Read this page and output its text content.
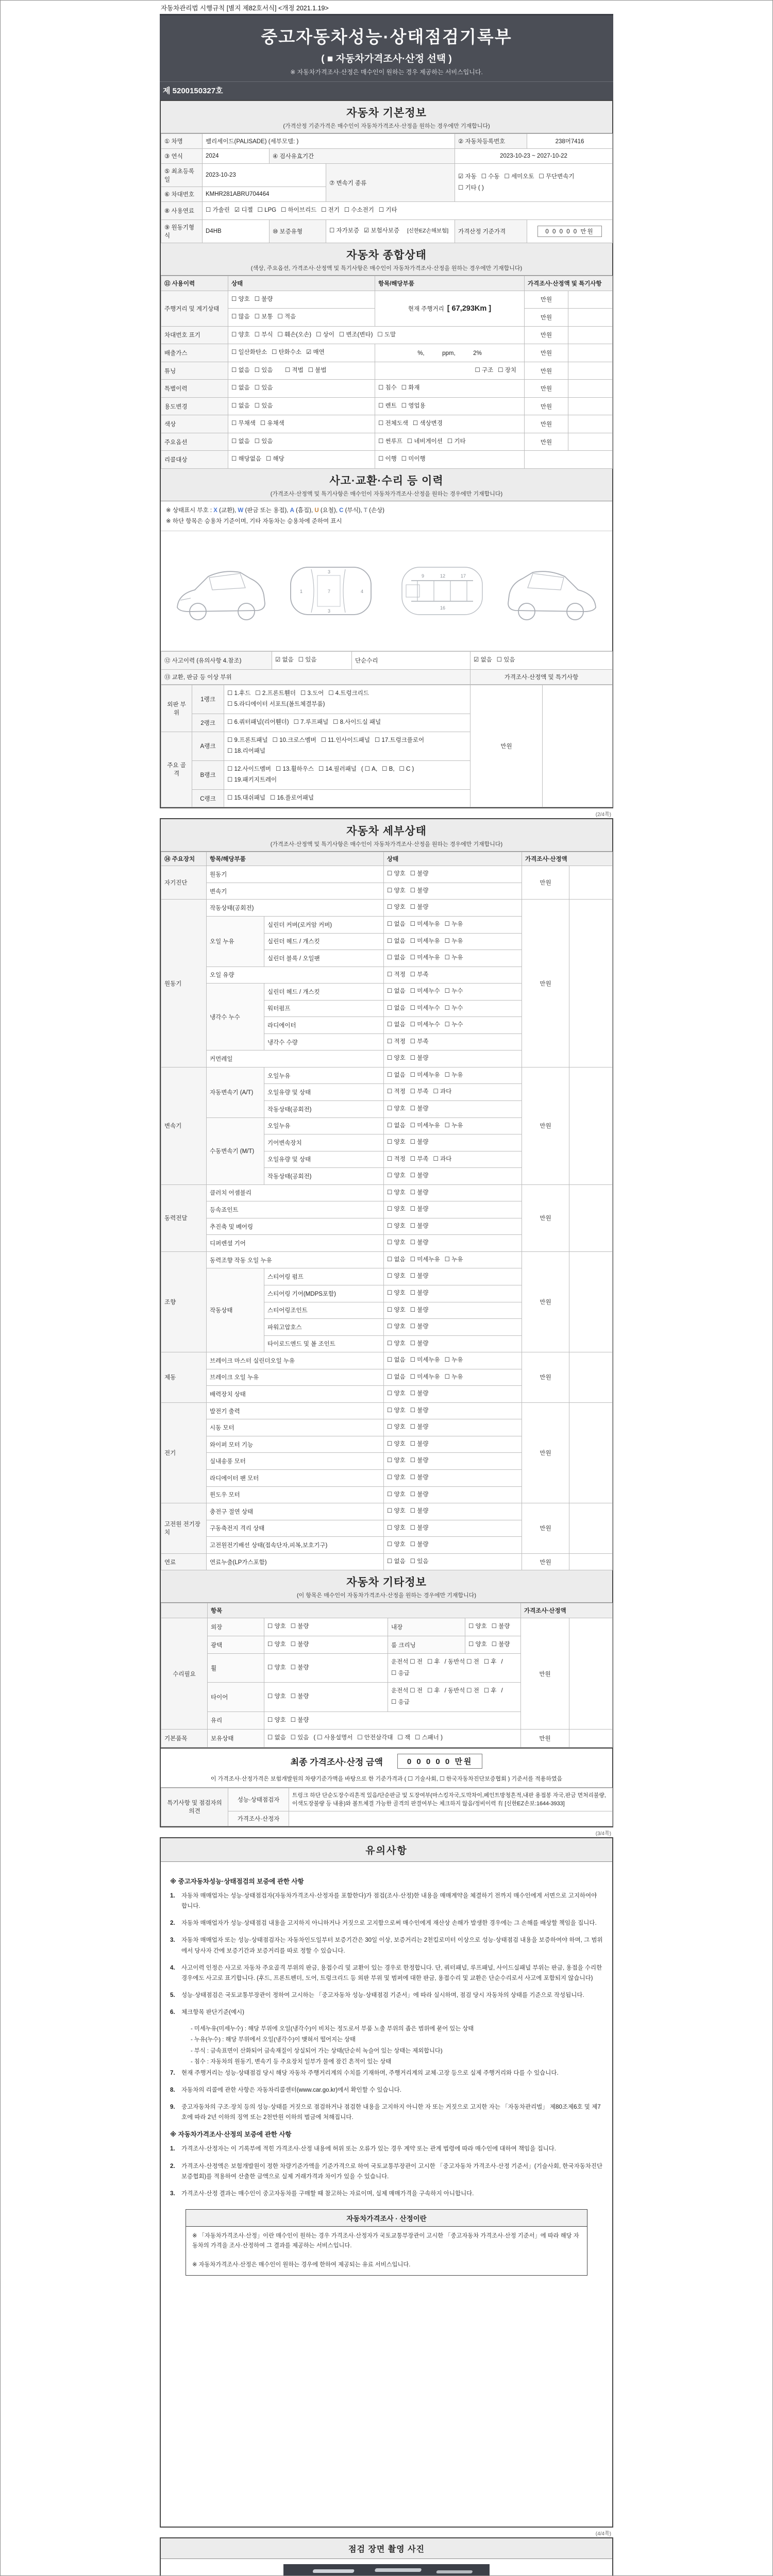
자동차관리법 시행규칙 [별지 제82호서식] <개정 2021.1.19>
중고자동차성능·상태점검기록부
( ■ 자동차가격조사·산정 선택 )
※ 자동차가격조사·산정은 매수인이 원하는 경우 제공하는 서비스입니다.
제 5200150327호
자동차 기본정보
(가격산정 기준가격은 매수인이 자동차가격조사·산정을 원하는 경우에만 기재합니다)
① 차명	팰리세이드(PALISADE) (세부모델: )			② 자동차등록번호	238머7416
③ 연식	2024	④ 검사유효기간		2023-10-23 ~ 2027-10-22	
⑤ 최초등록일	2023-10-23		⑦ 변속기 종류	☑ 자동 ☐ 수동 ☐ 세미오토 ☐ 무단변속기☐ 기타 ( )	
⑥ 차대번호	KMHR281ABRU704464				
⑧ 사용연료	☐ 가솔린 ☑ 디젤 ☐ LPG ☐ 하이브리드 ☐ 전기 ☐ 수소전기 ☐ 기타				
⑨ 원동기형식	D4HB	⑩ 보증유형	☐ 자가보증 ☑ 보험사보증 [신한EZ손해보험]	가격산정 기준가격	0 0 0 0 0 만원
자동차 종합상태
(색상, 주요옵션, 가격조사·산정액 및 특기사항은 매수인이 자동차가격조사·산정을 원하는 경우에만 기재합니다)
⑪ 사용이력	상태	항목/해당부품	가격조사·산정액 및 특기사항	
주행거리 및 계기상태	☐ 양호 ☐ 불량	현재 주행거리 [ 67,293Km ]	만원	
	☐ 많음 ☐ 보통 ☐ 적음		만원	
차대번호 표기	☐ 양호 ☐ 부식 ☐ 훼손(오손) ☐ 상이 ☐ 변조(변타) ☐ 도말		만원	
배출가스	☐ 일산화탄소 ☐ 탄화수소 ☑ 매연	%,　　　ppm,　　　2%	만원	
튜닝	☐ 없음 ☐ 있음　 ☐ 적법 ☐ 불법	☐ 구조 ☐ 장치	만원	
특별이력	☐ 없음 ☐ 있음	☐ 침수 ☐ 화재	만원	
용도변경	☐ 없음 ☐ 있음	☐ 렌트 ☐ 영업용	만원	
색상	☐ 무채색 ☐ 유채색	☐ 전체도색 ☐ 색상변경	만원	
주요옵션	☐ 없음 ☐ 있음	☐ 썬루프 ☐ 네비게이션 ☐ 기타	만원	
리콜대상	☐ 해당없음 ☐ 해당	☐ 이행 ☐ 미이행		
사고·교환·수리 등 이력
(가격조사·산정액 및 특기사항은 매수인이 자동차가격조사·산정을 원하는 경우에만 기재합니다)
※ 상태표시 부호 : X (교환), W (판금 또는 용접), A (흠집), U (요철), C (부식), T (손상)
※ 하단 항목은 승용차 기준이며, 기타 자동차는 승용차에 준하여 표시
1	7	4
3
3
9	12	17
16
⑫ 사고이력 (유의사항 4.참조)	☑ 없음 ☐ 있음	단순수리	☑ 없음 ☐ 있음
⑬ 교환, 판금 등 이상 부위			가격조사·산정액 및 특기사항
외판 부위	1랭크	☐ 1.후드 ☐ 2.프론트휀더 ☐ 3.도어 ☐ 4.트렁크리드☐ 5.라디에이터 서포트(볼트체결부품)	만원	
	2랭크	☐ 6.쿼터패널(리어휀더) ☐ 7.루프패널 ☐ 8.사이드실 패널		
주요 골격	A랭크	☐ 9.프론트패널 ☐ 10.크로스멤버 ☐ 11.인사이드패널 ☐ 17.트렁크플로어☐ 18.리어패널		
	B랭크	☐ 12.사이드멤버 ☐ 13.휠하우스 ☐ 14.필러패널 ( ☐ A, ☐ B, ☐ C )☐ 19.패키지트레이		
	C랭크	☐ 15.대쉬패널 ☐ 16.플로어패널		
(2/4쪽)
자동차 세부상태
(가격조사·산정액 및 특기사항은 매수인이 자동차가격조사·산정을 원하는 경우에만 기재합니다)
⑭ 주요장치	항목/해당부품		상태	가격조사·산정액	
자기진단	원동기		☐ 양호 ☐ 불량	만원	
	변속기		☐ 양호 ☐ 불량		
원동기	작동상태(공회전)		☐ 양호 ☐ 불량	만원	
	오일 누유	실린더 커버(로커암 커버)	☐ 없음 ☐ 미세누유 ☐ 누유		
		실린더 헤드 / 개스킷	☐ 없음 ☐ 미세누유 ☐ 누유		
		실린더 블록 / 오일팬	☐ 없음 ☐ 미세누유 ☐ 누유		
	오일 유량		☐ 적정 ☐ 부족		
	냉각수 누수	실린더 헤드 / 개스킷	☐ 없음 ☐ 미세누수 ☐ 누수		
		워터펌프	☐ 없음 ☐ 미세누수 ☐ 누수		
		라디에이터	☐ 없음 ☐ 미세누수 ☐ 누수		
		냉각수 수량	☐ 적정 ☐ 부족		
	커먼레일		☐ 양호 ☐ 불량		
변속기	자동변속기 (A/T)	오일누유	☐ 없음 ☐ 미세누유 ☐ 누유	만원	
		오일유량 및 상태	☐ 적정 ☐ 부족 ☐ 과다		
		작동상태(공회전)	☐ 양호 ☐ 불량		
	수동변속기 (M/T)	오일누유	☐ 없음 ☐ 미세누유 ☐ 누유		
		기어변속장치	☐ 양호 ☐ 불량		
		오일유량 및 상태	☐ 적정 ☐ 부족 ☐ 과다		
		작동상태(공회전)	☐ 양호 ☐ 불량		
동력전달	클러치 어셈블리		☐ 양호 ☐ 불량	만원	
	등속죠인트		☐ 양호 ☐ 불량		
	추진축 및 베어링		☐ 양호 ☐ 불량		
	디퍼렌셜 기어		☐ 양호 ☐ 불량		
조향	동력조향 작동 오일 누유		☐ 없음 ☐ 미세누유 ☐ 누유	만원	
	작동상태	스티어링 펌프	☐ 양호 ☐ 불량		
		스티어링 기어(MDPS포함)	☐ 양호 ☐ 불량		
		스티어링조인트	☐ 양호 ☐ 불량		
		파워고압호스	☐ 양호 ☐ 불량		
		타이로드엔드 및 볼 조인트	☐ 양호 ☐ 불량		
제동	브레이크 마스터 실린더오일 누유		☐ 없음 ☐ 미세누유 ☐ 누유	만원	
	브레이크 오일 누유		☐ 없음 ☐ 미세누유 ☐ 누유		
	배력장치 상태		☐ 양호 ☐ 불량		
전기	발전기 출력		☐ 양호 ☐ 불량	만원	
	시동 모터		☐ 양호 ☐ 불량		
	와이퍼 모터 기능		☐ 양호 ☐ 불량		
	실내송풍 모터		☐ 양호 ☐ 불량		
	라디에이터 팬 모터		☐ 양호 ☐ 불량		
	윈도우 모터		☐ 양호 ☐ 불량		
고전원 전기장치	충전구 절연 상태		☐ 양호 ☐ 불량	만원	
	구동축전지 격리 상태		☐ 양호 ☐ 불량		
	고전원전기배선 상태(접속단자,피복,보호기구)		☐ 양호 ☐ 불량		
연료	연료누출(LP가스포함)		☐ 없음 ☐ 있음	만원	
자동차 기타정보
(이 항목은 매수인이 자동차가격조사·산정을 원하는 경우에만 기재합니다)
	항목				가격조사·산정액	
수리필요	외장	☐ 양호 ☐ 불량	내장	☐ 양호 ☐ 불량	만원	
	광택	☐ 양호 ☐ 불량	룸 크리닝	☐ 양호 ☐ 불량		
	휠	☐ 양호 ☐ 불량	운전석 ☐ 전 ☐ 후 / 동반석 ☐ 전 ☐ 후 /☐ 응급			
	타이어	☐ 양호 ☐ 불량	운전석 ☐ 전 ☐ 후 / 동반석 ☐ 전 ☐ 후 /☐ 응급			
	유리	☐ 양호 ☐ 불량				
기본품목	보유상태	☐ 없음 ☐ 있음 ( ☐ 사용설명서 ☐ 안전삼각대 ☐ 잭 ☐ 스패너 )			만원	
최종 가격조사·산정 금액	0 0 0 0 0 만원
이 가격조사·산정가격은 보험개발원의 차량기준가액을 바탕으로 한 기준가격과 ( ☐ 기술사회, ☐ 한국자동차진단보증협회 ) 기준서를 적용하였음
특기사항 및 점검자의 의견	성능·상태점검자	트렁크 하단 단순도장수리흔적 있음/단순판금 및 도장여부(마스킹자국,도막차이,페인트방청흔적,내판 용접봉 자국,판금 면처리불량,이색도장불량 등 내용)와 볼트체결 가능한 골격의 판결여부는 체크하지 않음/정비이력 有 [신한EZ손보:1644-3933]
	가격조사·산정자	
(3/4쪽)
유의사항
※ 중고자동차성능·상태점검의 보증에 관한 사항
1.	자동차 매매업자는 성능·상태점검자(자동차가격조사·산정자를 포함한다)가 점검(조사·산정)한 내용을 매매계약을 체결하기 전까지 매수인에게 서면으로 고지하여야 합니다.
2.	자동차 매매업자가 성능·상태점검 내용을 고지하지 아니하거나 거짓으로 고지함으로써 매수인에게 재산상 손해가 발생한 경우에는 그 손해를 배상할 책임을 집니다.
3.	자동차 매매업자 또는 성능·상태점검자는 자동차인도일부터 보증기간은 30일 이상, 보증거리는 2천킬로미터 이상으로 성능·상태점검 내용을 보증하여야 하며, 그 범위에서 당사자 간에 보증기간과 보증거리를 따로 정할 수 있습니다.
4.	사고이력 인정은 사고로 자동차 주요골격 부위의 판금, 용접수리 및 교환이 있는 경우로 한정합니다. 단, 쿼터패널, 루프패널, 사이드실패널 부위는 판금, 용접을 수리한 경우에도 사고로 표기합니다. (후드, 프론트펜더, 도어, 트렁크리드 등 외판 부위 및 범퍼에 대한 판금, 용접수리 및 교환은 단순수리로서 사고에 포함되지 않습니다)
5.	성능·상태점검은 국토교통부장관이 정하여 고시하는 「중고자동차 성능·상태점검 기준서」에 따라 실시하며, 점검 당시 자동차의 상태를 기준으로 작성됩니다.
6.	체크항목 판단기준(예시)
- 미세누유(미세누수) : 해당 부위에 오일(냉각수)이 비치는 정도로서 부품 노출 부위의 좁은 범위에 묻어 있는 상태
- 누유(누수) : 해당 부위에서 오일(냉각수)이 맺혀서 떨어지는 상태
- 부식 : 금속표면이 산화되어 금속재질이 상실되어 가는 상태(단순히 녹슬어 있는 상태는 제외합니다)
- 침수 : 자동차의 원동기, 변속기 등 주요장치 일부가 물에 잠긴 흔적이 있는 상태
7.	현재 주행거리는 성능·상태점검 당시 해당 자동차 주행거리계의 수치를 기재하며, 주행거리계의 교체·고장 등으로 실제 주행거리와 다를 수 있습니다.
8.	자동차의 리콜에 관한 사항은 자동차리콜센터(www.car.go.kr)에서 확인할 수 있습니다.
9.	중고자동차의 구조·장치 등의 성능·상태를 거짓으로 점검하거나 점검한 내용을 고지하지 아니한 자 또는 거짓으로 고지한 자는 「자동차관리법」 제80조제6호 및 제7호에 따라 2년 이하의 징역 또는 2천만원 이하의 벌금에 처해집니다.
※ 자동차가격조사·산정의 보증에 관한 사항
1.	가격조사·산정자는 이 기록부에 적힌 가격조사·산정 내용에 허위 또는 오류가 있는 경우 계약 또는 관계 법령에 따라 매수인에 대하여 책임을 집니다.
2.	가격조사·산정액은 보험개발원이 정한 차량기준가액을 기준가격으로 하여 국토교통부장관이 고시한 「중고자동차 가격조사·산정 기준서」(기술사회, 한국자동차진단보증협회)를 적용하여 산출한 금액으로 실제 거래가격과 차이가 있을 수 있습니다.
3.	가격조사·산정 결과는 매수인이 중고자동차를 구매할 때 참고하는 자료이며, 실제 매매가격을 구속하지 아니합니다.
자동차가격조사 · 산정이란
※ 「자동차가격조사·산정」이란 매수인이 원하는 경우 가격조사·산정자가 국토교통부장관이 고시한 「중고자동차 가격조사·산정 기준서」에 따라 해당 자동차의 가격을 조사·산정하여 그 결과를 제공하는 서비스입니다.
※ 자동차가격조사·산정은 매수인이 원하는 경우에 한하여 제공되는 유료 서비스입니다.
(4/4쪽)
점검 장면 촬영 사진
